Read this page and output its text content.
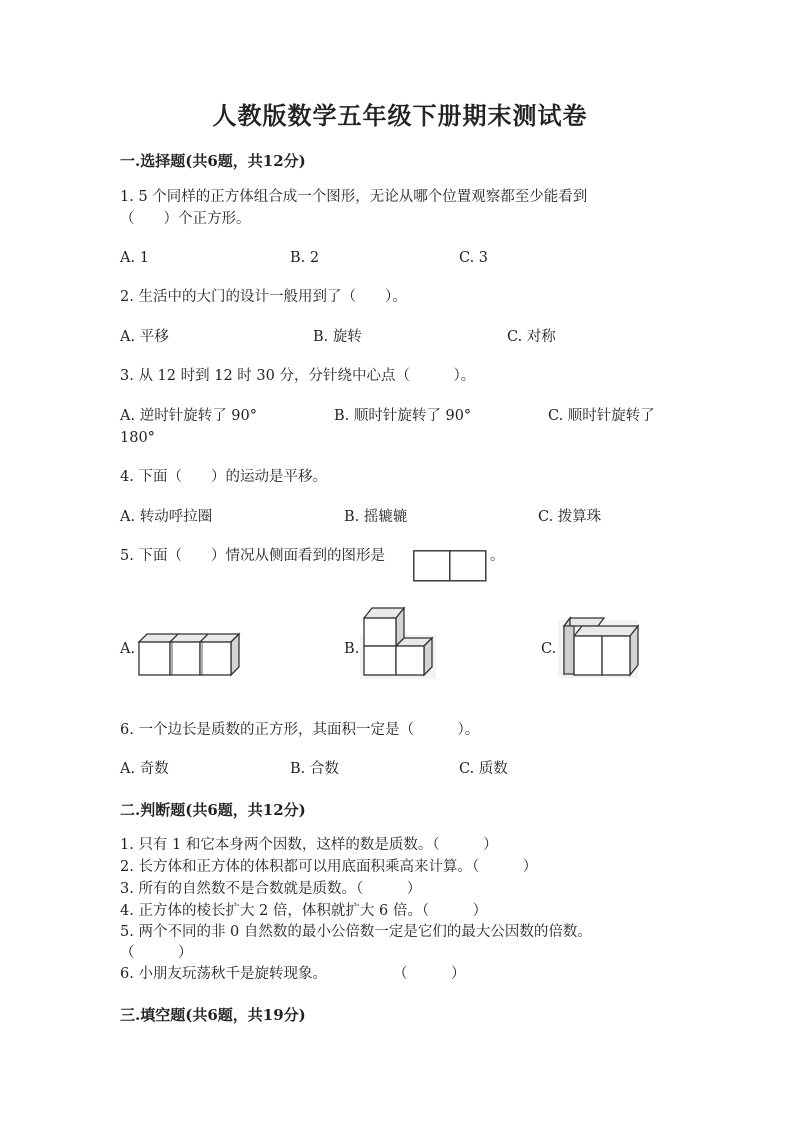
人教版数学五年级下册期末测试卷
一.选择题(共6题，共12分)
1. 5 个同样的正方体组合成一个图形，无论从哪个位置观察都至少能看到
（　　）个正方形。
A. 1	B. 2	C. 3
2. 生活中的大门的设计一般用到了（　　）。
A. 平移	B. 旋转	C. 对称
3. 从 12 时到 12 时 30 分，分针绕中心点（　　　）。
A. 逆时针旋转了 90°	B. 顺时针旋转了 90°	C. 顺时针旋转了
180°
4. 下面（　　）的运动是平移。
A. 转动呼拉圈	B. 摇辘辘	C. 拨算珠
5. 下面（　　）情况从侧面看到的图形是	。
A.	B.	C.
6. 一个边长是质数的正方形，其面积一定是（　　　）。
A. 奇数	B. 合数	C. 质数
二.判断题(共6题，共12分)
1. 只有 1 和它本身两个因数，这样的数是质数。（　　　）
2. 长方体和正方体的体积都可以用底面积乘高来计算。（　　　）
3. 所有的自然数不是合数就是质数。（　　　）
4. 正方体的棱长扩大 2 倍，体积就扩大 6 倍。（　　　）
5. 两个不同的非 0 自然数的最小公倍数一定是它们的最大公因数的倍数。
（　　　）
6. 小朋友玩荡秋千是旋转现象。	（　　　）
三.填空题(共6题，共19分)
